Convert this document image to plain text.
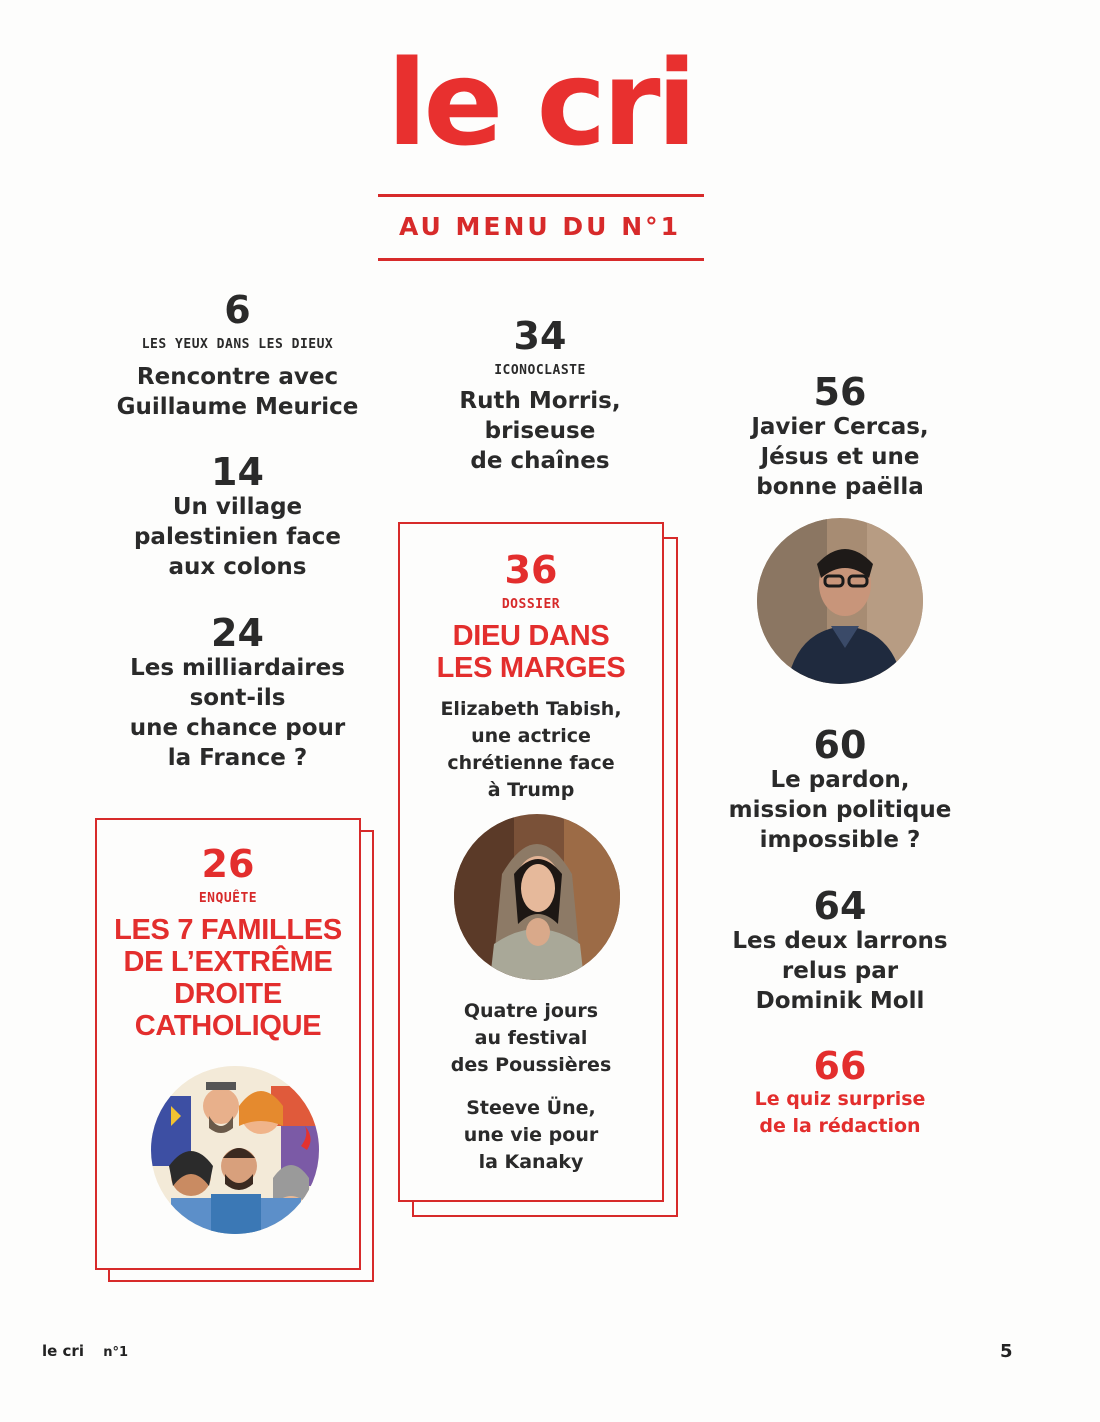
le cri
AU MENU DU N°1
6
LES YEUX DANS LES DIEUX
Rencontre avec
Guillaume Meurice
14
Un village
palestinien face
aux colons
24
Les milliardaires
sont-ils
une chance pour
la France ?
26
ENQUÊTE
LES 7 FAMILLES
DE L’EXTRÊME
DROITE
CATHOLIQUE
34
ICONOCLASTE
Ruth Morris,
briseuse
de chaînes
36
DOSSIER
DIEU DANS
LES MARGES
Elizabeth Tabish,
une actrice
chrétienne face
à Trump
Quatre jours
au festival
des Poussières
Steeve Üne,
une vie pour
la Kanaky
56
Javier Cercas,
Jésus et une
bonne paëlla
60
Le pardon,
mission politique
impossible ?
64
Les deux larrons
relus par
Dominik Moll
66
Le quiz surprise
de la rédaction
le cri n°1	5
